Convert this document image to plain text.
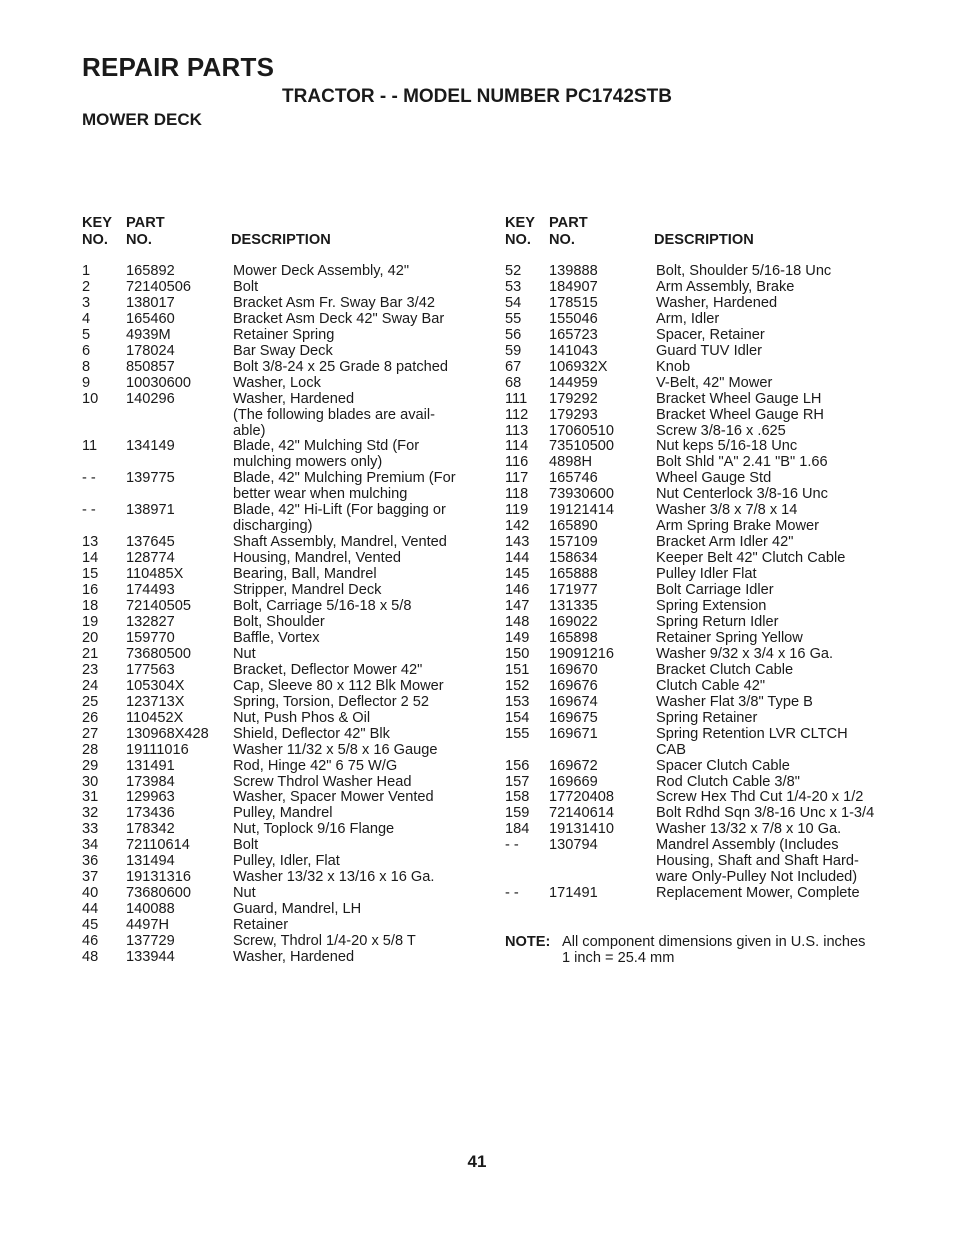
REPAIR PARTS
TRACTOR - - MODEL NUMBER PC1742STB
MOWER DECK
KEY
NO.
PART
NO.	DESCRIPTION
1	165892	Mower Deck Assembly, 42"
2	72140506	Bolt
3	138017	Bracket Asm Fr. Sway Bar 3/42
4	165460	Bracket Asm Deck 42" Sway Bar
5	4939M	Retainer Spring
6	178024	Bar Sway Deck
8	850857	Bolt 3/8-24 x 25 Grade 8 patched
9	10030600	Washer, Lock
10	140296	Washer, Hardened
(The following blades are avail-
able)
11	134149	Blade, 42" Mulching Std (For
mulching mowers only)
- -	139775	Blade, 42" Mulching Premium (For
better wear when mulching
- -	138971	Blade, 42" Hi-Lift (For bagging or
discharging)
13	137645	Shaft Assembly, Mandrel, Vented
14	128774	Housing, Mandrel, Vented
15	110485X	Bearing, Ball, Mandrel
16	174493	Stripper, Mandrel Deck
18	72140505	Bolt, Carriage 5/16-18 x 5/8
19	132827	Bolt, Shoulder
20	159770	Baffle, Vortex
21	73680500	Nut
23	177563	Bracket, Deflector Mower 42"
24	105304X	Cap, Sleeve 80 x 112 Blk Mower
25	123713X	Spring, Torsion, Deflector 2 52
26	110452X	Nut, Push Phos & Oil
27	130968X428	Shield, Deflector 42" Blk
28	19111016	Washer 11/32 x 5/8 x 16 Gauge
29	131491	Rod, Hinge 42" 6 75 W/G
30	173984	Screw Thdrol Washer Head
31	129963	Washer, Spacer Mower Vented
32	173436	Pulley, Mandrel
33	178342	Nut, Toplock 9/16 Flange
34	72110614	Bolt
36	131494	Pulley, Idler, Flat
37	19131316	Washer 13/32 x 13/16 x 16 Ga.
40	73680600	Nut
44	140088	Guard, Mandrel, LH
45	4497H	Retainer
46	137729	Screw, Thdrol 1/4-20 x 5/8 T
48	133944	Washer, Hardened
KEY
NO.
PART
NO.	DESCRIPTION
52	139888	Bolt, Shoulder 5/16-18 Unc
53	184907	Arm Assembly, Brake
54	178515	Washer, Hardened
55	155046	Arm, Idler
56	165723	Spacer, Retainer
59	141043	Guard TUV Idler
67	106932X	Knob
68	144959	V-Belt, 42" Mower
111	179292	Bracket Wheel Gauge LH
112	179293	Bracket Wheel Gauge RH
113	17060510	Screw 3/8-16 x .625
114	73510500	Nut keps 5/16-18 Unc
116	4898H	Bolt Shld "A" 2.41 "B" 1.66
117	165746	Wheel Gauge Std
118	73930600	Nut Centerlock 3/8-16 Unc
119	19121414	Washer 3/8 x 7/8 x 14
142	165890	Arm Spring Brake Mower
143	157109	Bracket Arm Idler 42"
144	158634	Keeper Belt 42" Clutch Cable
145	165888	Pulley Idler Flat
146	171977	Bolt Carriage Idler
147	131335	Spring Extension
148	169022	Spring Return Idler
149	165898	Retainer Spring Yellow
150	19091216	Washer 9/32 x 3/4 x 16 Ga.
151	169670	Bracket Clutch Cable
152	169676	Clutch Cable 42"
153	169674	Washer Flat 3/8" Type B
154	169675	Spring Retainer
155	169671	Spring Retention LVR CLTCH
CAB
156	169672	Spacer Clutch Cable
157	169669	Rod Clutch Cable 3/8"
158	17720408	Screw Hex Thd Cut 1/4-20 x 1/2
159	72140614	Bolt Rdhd Sqn 3/8-16 Unc x 1-3/4
184	19131410	Washer 13/32 x 7/8 x 10 Ga.
- -	130794	Mandrel Assembly (Includes
Housing, Shaft and Shaft Hard-
ware Only-Pulley Not Included)
- -	171491	Replacement Mower, Complete
NOTE: All component dimensions given in U.S. inches
1 inch = 25.4 mm
41
